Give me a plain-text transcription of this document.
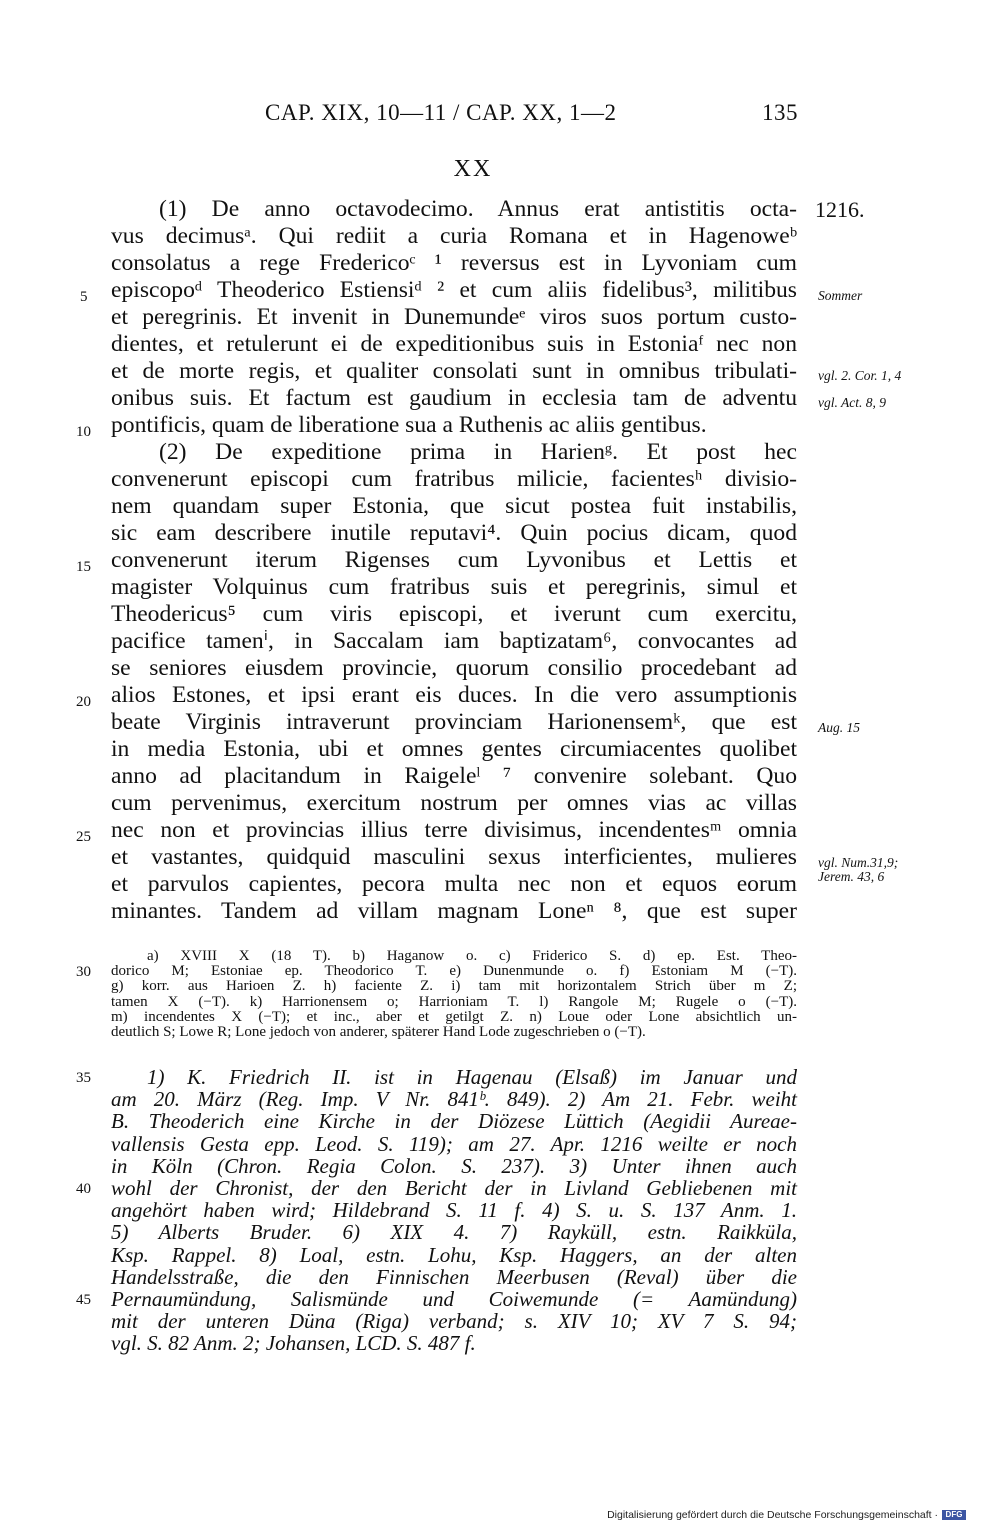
CAP. XIX, 10—11 / CAP. XX, 1—2	135
XX
(1) De anno octavodecimo. Annus erat antistitis octa-
vus decimusᵃ. Qui rediit a curia Romana et in Hagenoweᵇ
consolatus a rege Fredericoᶜ ¹ reversus est in Lyvoniam cum
episcopoᵈ Theoderico Estiensiᵈ ² et cum aliis fidelibus³, militibus
et peregrinis. Et invenit in Dunemundeᵉ viros suos portum custo-
dientes, et retulerunt ei de expeditionibus suis in Estoniaᶠ nec non
et de morte regis, et qualiter consolati sunt in omnibus tribulati-
onibus suis. Et factum est gaudium in ecclesia tam de adventu
pontificis, quam de liberatione sua a Ruthenis ac aliis gentibus.
(2) De expeditione prima in Harienᵍ. Et post hec
convenerunt episcopi cum fratribus milicie, facientesʰ divisio-
nem quandam super Estonia, que sicut postea fuit instabilis,
sic eam describere inutile reputavi⁴. Quin pocius dicam, quod
convenerunt iterum Rigenses cum Lyvonibus et Lettis et
magister Volquinus cum fratribus suis et peregrinis, simul et
Theodericus⁵ cum viris episcopi, et iverunt cum exercitu,
pacifice tamenⁱ, in Saccalam iam baptizatam⁶, convocantes ad
se seniores eiusdem provincie, quorum consilio procedebant ad
alios Estones, et ipsi erant eis duces. In die vero assumptionis
beate Virginis intraverunt provinciam Harionensemᵏ, que est
in media Estonia, ubi et omnes gentes circumiacentes quolibet
anno ad placitandum in Raigeleˡ ⁷ convenire solebant. Quo
cum pervenimus, exercitum nostrum per omnes vias ac villas
nec non et provincias illius terre divisimus, incendentesᵐ omnia
et vastantes, quidquid masculini sexus interficientes, mulieres
et parvulos capientes, pecora multa nec non et equos eorum
minantes. Tandem ad villam magnam Loneⁿ ⁸, que est super
5
10
15
20
25
1216.
Sommer
vgl. 2. Cor. 1, 4
vgl. Act. 8, 9
Aug. 15
vgl. Num.31,9;
Jerem. 43, 6
a) XVIII X (18 T). b) Haganow o. c) Friderico S. d) ep. Est. Theo-
dorico M; Estoniae ep. Theodorico T. e) Dunenmunde o. f) Estoniam M (−T).
g) korr. aus Harioen Z. h) faciente Z. i) tam mit horizontalem Strich über m Z;
tamen X (−T). k) Harrionensem o; Harrioniam T. l) Rangole M; Rugele o (−T).
m) incendentes X (−T); et inc., aber et getilgt Z. n) Loue oder Lone absichtlich un-
deutlich S; Lowe R; Lone jedoch von anderer, späterer Hand Lode zugeschrieben o (−T).
30
1) K. Friedrich II. ist in Hagenau (Elsaß) im Januar und
am 20. März (Reg. Imp. V Nr. 841ᵇ. 849). 2) Am 21. Febr. weiht
B. Theoderich eine Kirche in der Diözese Lüttich (Aegidii Aureae-
vallensis Gesta epp. Leod. S. 119); am 27. Apr. 1216 weilte er noch
in Köln (Chron. Regia Colon. S. 237). 3) Unter ihnen auch
wohl der Chronist, der den Bericht der in Livland Gebliebenen mit
angehört haben wird; Hildebrand S. 11 f. 4) S. u. S. 137 Anm. 1.
5) Alberts Bruder. 6) XIX 4. 7) Rayküll, estn. Raikküla,
Ksp. Rappel. 8) Loal, estn. Lohu, Ksp. Haggers, an der alten
Handelsstraße, die den Finnischen Meerbusen (Reval) über die
Pernaumündung, Salismünde und Coiwemunde (= Aamündung)
mit der unteren Düna (Riga) verband; s. XIV 10; XV 7 S. 94;
vgl. S. 82 Anm. 2; Johansen, LCD. S. 487 f.
35
40
45
Digitalisierung gefördert durch die Deutsche Forschungsgemeinschaft · DFG
